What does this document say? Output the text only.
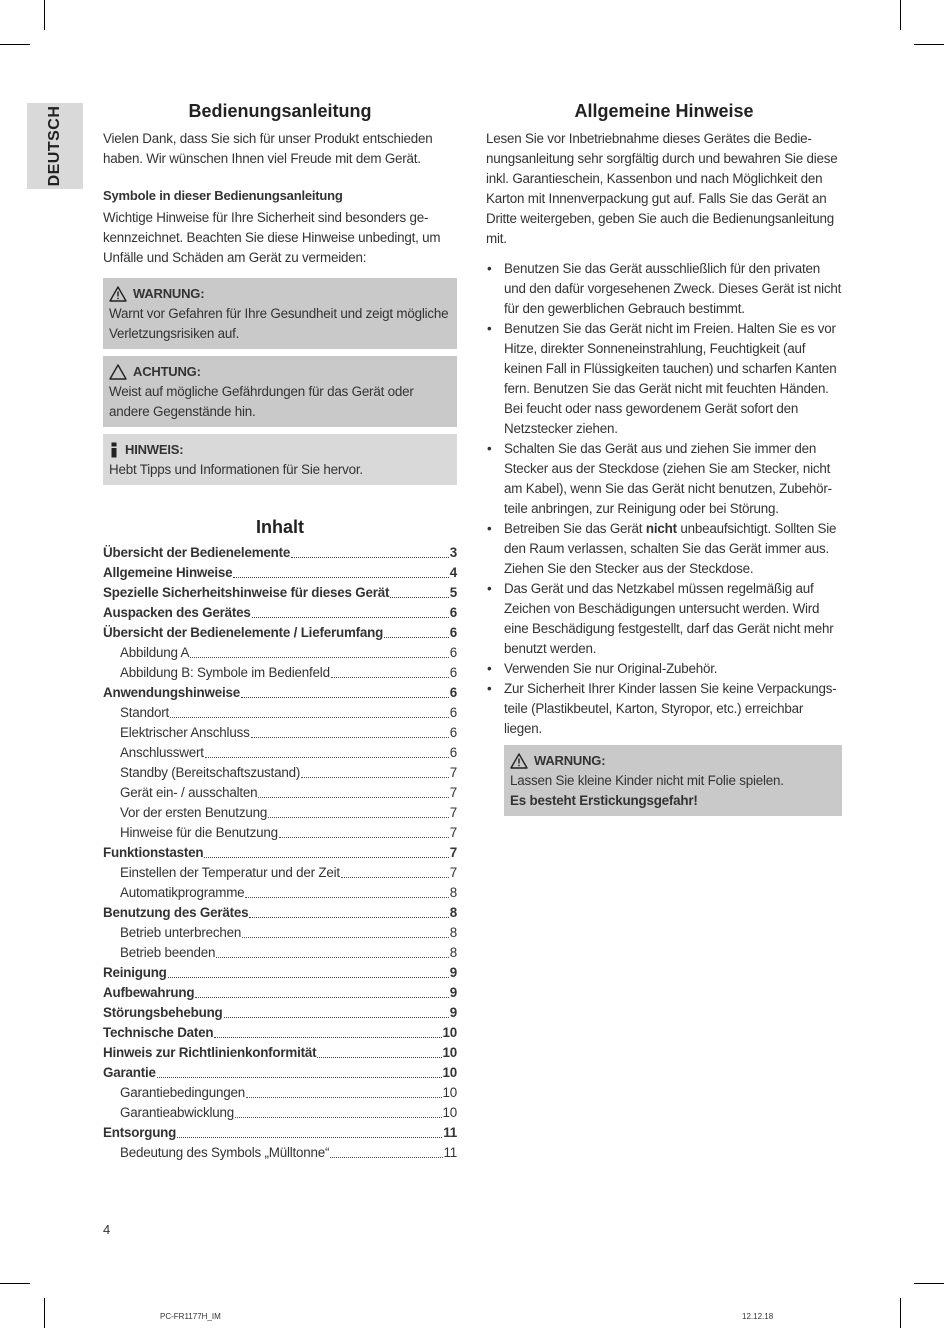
DEUTSCH	Bedienungsanleitung

Vielen Dank, dass Sie sich für unser Produkt entschieden haben. Wir wünschen Ihnen viel Freude mit dem Gerät.

Symbole in dieser Bedienungsanleitung

Wichtige Hinweise für Ihre Sicherheit sind besonders gekennzeichnet. Beachten Sie diese Hinweise unbedingt, um Unfälle und Schäden am Gerät zu vermeiden:

WARNUNG:

Warnt vor Gefahren für Ihre Gesundheit und zeigt mögliche Verletzungsrisiken auf.

ACHTUNG:

Weist auf mögliche Gefährdungen für das Gerät oder andere Gegenstände hin.

HINWEIS:

Hebt Tipps und Informationen für Sie hervor.

Inhalt
Übersicht der Bedienelemente	3
Allgemeine Hinweise	4
Spezielle Sicherheitshinweise für dieses Gerät	5
Auspacken des Gerätes	6
Übersicht der Bedienelemente / Lieferumfang	6
Abbildung A	6
Abbildung B: Symbole im Bedienfeld	6
Anwendungshinweise	6
Standort	6
Elektrischer Anschluss	6
Anschlusswert	6
Standby (Bereitschaftszustand)	7
Gerät ein- / ausschalten	7
Vor der ersten Benutzung	7
Hinweise für die Benutzung	7
Funktionstasten	7
Einstellen der Temperatur und der Zeit	7
Automatikprogramme	8
Benutzung des Gerätes	8
Betrieb unterbrechen	8
Betrieb beenden	8
Reinigung	9
Aufbewahrung	9
Störungsbehebung	9
Technische Daten	10
Hinweis zur Richtlinienkonformität	10
Garantie	10
Garantiebedingungen	10
Garantieabwicklung	10
Entsorgung	11
Bedeutung des Symbols „Mülltonne“	11
Allgemeine Hinweise

Lesen Sie vor Inbetriebnahme dieses Gerätes die Bedienungsanleitung sehr sorgfältig durch und bewahren Sie diese inkl. Garantieschein, Kassenbon und nach Möglichkeit den Karton mit Innenverpackung gut auf. Falls Sie das Gerät an Dritte weitergeben, geben Sie auch die Bedienungsanleitung mit.

• Benutzen Sie das Gerät ausschließlich für den privaten und den dafür vorgesehenen Zweck. Dieses Gerät ist nicht für den gewerblichen Gebrauch bestimmt.
• Benutzen Sie das Gerät nicht im Freien. Halten Sie es vor Hitze, direkter Sonneneinstrahlung, Feuchtigkeit (auf keinen Fall in Flüssigkeiten tauchen) und scharfen Kanten fern. Benutzen Sie das Gerät nicht mit feuchten Händen. Bei feucht oder nass gewordenem Gerät sofort den Netzstecker ziehen.
• Schalten Sie das Gerät aus und ziehen Sie immer den Stecker aus der Steckdose (ziehen Sie am Stecker, nicht am Kabel), wenn Sie das Gerät nicht benutzen, Zubehörteile anbringen, zur Reinigung oder bei Störung.
• Betreiben Sie das Gerät nicht unbeaufsichtigt. Sollten Sie den Raum verlassen, schalten Sie das Gerät immer aus. Ziehen Sie den Stecker aus der Steckdose.
• Das Gerät und das Netzkabel müssen regelmäßig auf Zeichen von Beschädigungen untersucht werden. Wird eine Beschädigung festgestellt, darf das Gerät nicht mehr benutzt werden.
• Verwenden Sie nur Original-Zubehör.
• Zur Sicherheit Ihrer Kinder lassen Sie keine Verpackungsteile (Plastikbeutel, Karton, Styropor, etc.) erreichbar liegen.
WARNUNG:

Lassen Sie kleine Kinder nicht mit Folie spielen.

Es besteht Erstickungsgefahr!

4
PC-FR1177H_IM	12.12.18
